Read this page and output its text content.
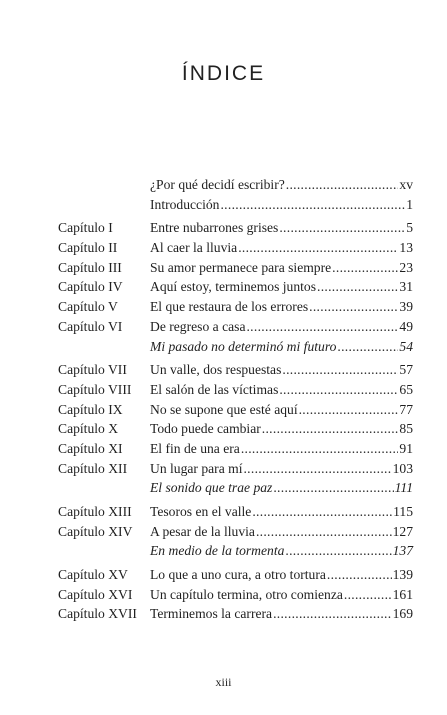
ÍNDICE
¿Por qué decidí escribir? .....	xv
Introducción .....	1
Capítulo I	Entre nubarrones grises .....	5
Capítulo II	Al caer la lluvia .....	13
Capítulo III	Su amor permanece para siempre .....	23
Capítulo IV	Aquí estoy, terminemos juntos .....	31
Capítulo V	El que restaura de los errores .....	39
Capítulo VI	De regreso a casa .....	49
Mi pasado no determinó mi futuro .....	54
Capítulo VII	Un valle, dos respuestas .....	57
Capítulo VIII	El salón de las víctimas .....	65
Capítulo IX	No se supone que esté aquí .....	77
Capítulo X	Todo puede cambiar .....	85
Capítulo XI	El fin de una era .....	91
Capítulo XII	Un lugar para mí .....	103
El sonido que trae paz .....	111
Capítulo XIII	Tesoros en el valle .....	115
Capítulo XIV	A pesar de la lluvia .....	127
En medio de la tormenta .....	137
Capítulo XV	Lo que a uno cura, a otro tortura .....	139
Capítulo XVI	Un capítulo termina, otro comienza .....	161
Capítulo XVII Terminemos la carrera .....	169
xiii
